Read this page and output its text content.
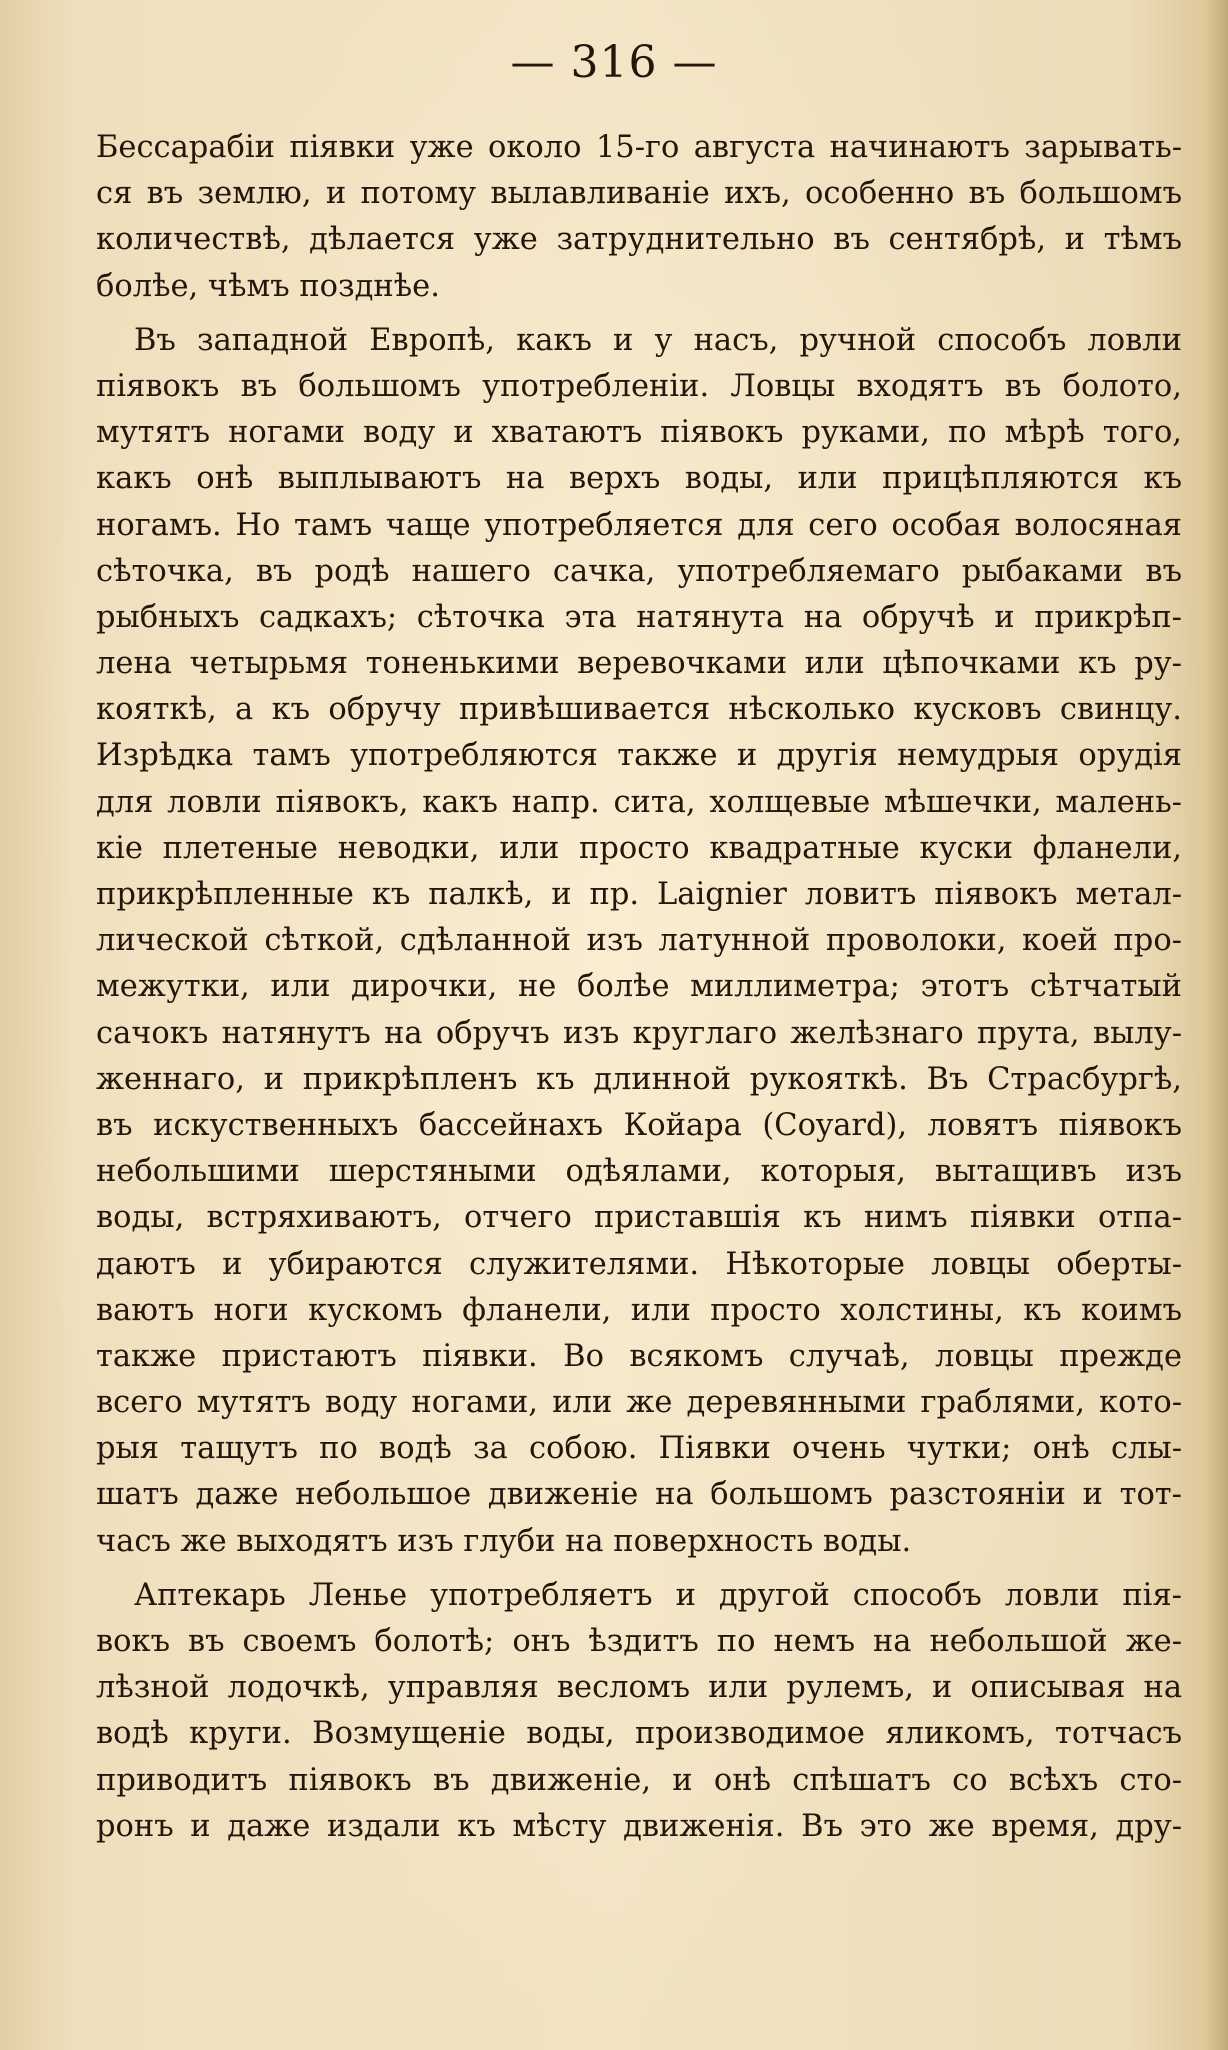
— 316 —
Бессарабіи піявки уже около 15-го августа начинаютъ зарывать-
ся въ землю, и потому вылавливаніе ихъ, особенно въ большомъ
количествѣ, дѣлается уже затруднительно въ сентябрѣ, и тѣмъ
болѣе, чѣмъ позднѣе.
Въ западной Европѣ, какъ и у насъ, ручной способъ ловли
піявокъ въ большомъ употребленіи. Ловцы входятъ въ болото,
мутятъ ногами воду и хватаютъ піявокъ руками, по мѣрѣ того,
какъ онѣ выплываютъ на верхъ воды, или прицѣпляются къ
ногамъ. Но тамъ чаще употребляется для сего особая волосяная
сѣточка, въ родѣ нашего сачка, употребляемаго рыбаками въ
рыбныхъ садкахъ; сѣточка эта натянута на обручѣ и прикрѣп-
лена четырьмя тоненькими веревочками или цѣпочками къ ру-
кояткѣ, а къ обручу привѣшивается нѣсколько кусковъ свинцу.
Изрѣдка тамъ употребляются также и другія немудрыя орудія
для ловли піявокъ, какъ напр. сита, холщевые мѣшечки, малень-
кіе плетеные неводки, или просто квадратные куски фланели,
прикрѣпленные къ палкѣ, и пр. Laignier ловитъ піявокъ метал-
лической сѣткой, сдѣланной изъ латунной проволоки, коей про-
межутки, или дирочки, не болѣе миллиметра; этотъ сѣтчатый
сачокъ натянутъ на обручъ изъ круглаго желѣзнаго прута, вылу-
женнаго, и прикрѣпленъ къ длинной рукояткѣ. Въ Страсбургѣ,
въ искуственныхъ бассейнахъ Койара (Coyard), ловятъ піявокъ
небольшими шерстяными одѣялами, которыя, вытащивъ изъ
воды, встряхиваютъ, отчего приставшія къ нимъ піявки отпа-
даютъ и убираются служителями. Нѣкоторые ловцы оберты-
ваютъ ноги кускомъ фланели, или просто холстины, къ коимъ
также пристаютъ піявки. Во всякомъ случаѣ, ловцы прежде
всего мутятъ воду ногами, или же деревянными граблями, кото-
рыя тащутъ по водѣ за собою. Піявки очень чутки; онѣ слы-
шатъ даже небольшое движеніе на большомъ разстояніи и тот-
часъ же выходятъ изъ глуби на поверхность воды.
Аптекарь Ленье употребляетъ и другой способъ ловли пія-
вокъ въ своемъ болотѣ; онъ ѣздитъ по немъ на небольшой же-
лѣзной лодочкѣ, управляя весломъ или рулемъ, и описывая на
водѣ круги. Возмущеніе воды, производимое яликомъ, тотчасъ
приводитъ піявокъ въ движеніе, и онѣ спѣшатъ со всѣхъ сто-
ронъ и даже издали къ мѣсту движенія. Въ это же время, дру-
